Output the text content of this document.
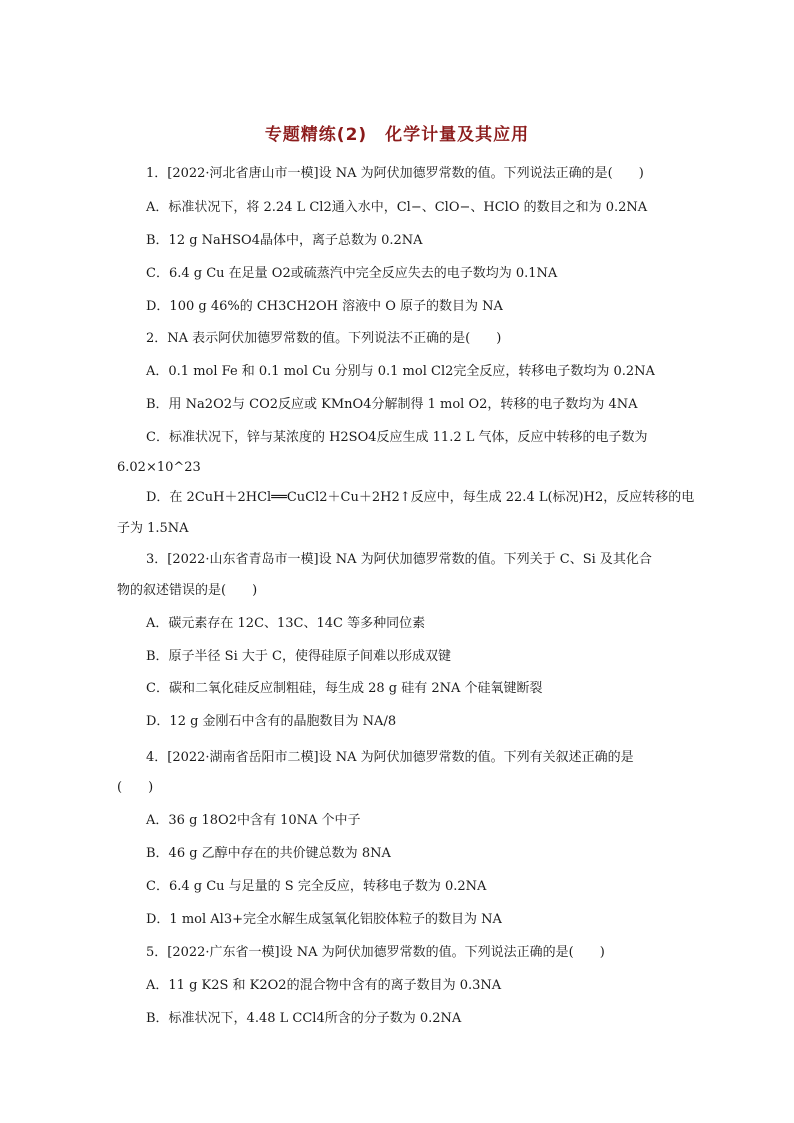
专题精练(2)　化学计量及其应用
1．[2022·河北省唐山市一模]设 NA 为阿伏加德罗常数的值。下列说法正确的是(　　)
A．标准状况下，将 2.24 L Cl2通入水中，Cl−、ClO−、HClO 的数目之和为 0.2NA
B．12 g NaHSO4晶体中，离子总数为 0.2NA
C．6.4 g Cu 在足量 O2或硫蒸汽中完全反应失去的电子数均为 0.1NA
D．100 g 46%的 CH3CH2OH 溶液中 O 原子的数目为 NA
2．NA 表示阿伏加德罗常数的值。下列说法不正确的是(　　)
A．0.1 mol Fe 和 0.1 mol Cu 分别与 0.1 mol Cl2完全反应，转移电子数均为 0.2NA
B．用 Na2O2与 CO2反应或 KMnO4分解制得 1 mol O2，转移的电子数均为 4NA
C．标准状况下，锌与某浓度的 H2SO4反应生成 11.2 L 气体，反应中转移的电子数为
6.02×10^23
D．在 2CuH＋2HCl══CuCl2＋Cu＋2H2↑反应中，每生成 22.4 L(标况)H2，反应转移的电
子为 1.5NA
3．[2022·山东省青岛市一模]设 NA 为阿伏加德罗常数的值。下列关于 C、Si 及其化合
物的叙述错误的是(　　)
A．碳元素存在 12C、13C、14C 等多种同位素
B．原子半径 Si 大于 C，使得硅原子间难以形成双键
C．碳和二氧化硅反应制粗硅，每生成 28 g 硅有 2NA 个硅氧键断裂
D．12 g 金刚石中含有的晶胞数目为 NA/8
4．[2022·湖南省岳阳市二模]设 NA 为阿伏加德罗常数的值。下列有关叙述正确的是
(　　)
A．36 g 18O2中含有 10NA 个中子
B．46 g 乙醇中存在的共价键总数为 8NA
C．6.4 g Cu 与足量的 S 完全反应，转移电子数为 0.2NA
D．1 mol Al3+完全水解生成氢氧化铝胶体粒子的数目为 NA
5．[2022·广东省一模]设 NA 为阿伏加德罗常数的值。下列说法正确的是(　　)
A．11 g K2S 和 K2O2的混合物中含有的离子数目为 0.3NA
B．标准状况下，4.48 L CCl4所含的分子数为 0.2NA
